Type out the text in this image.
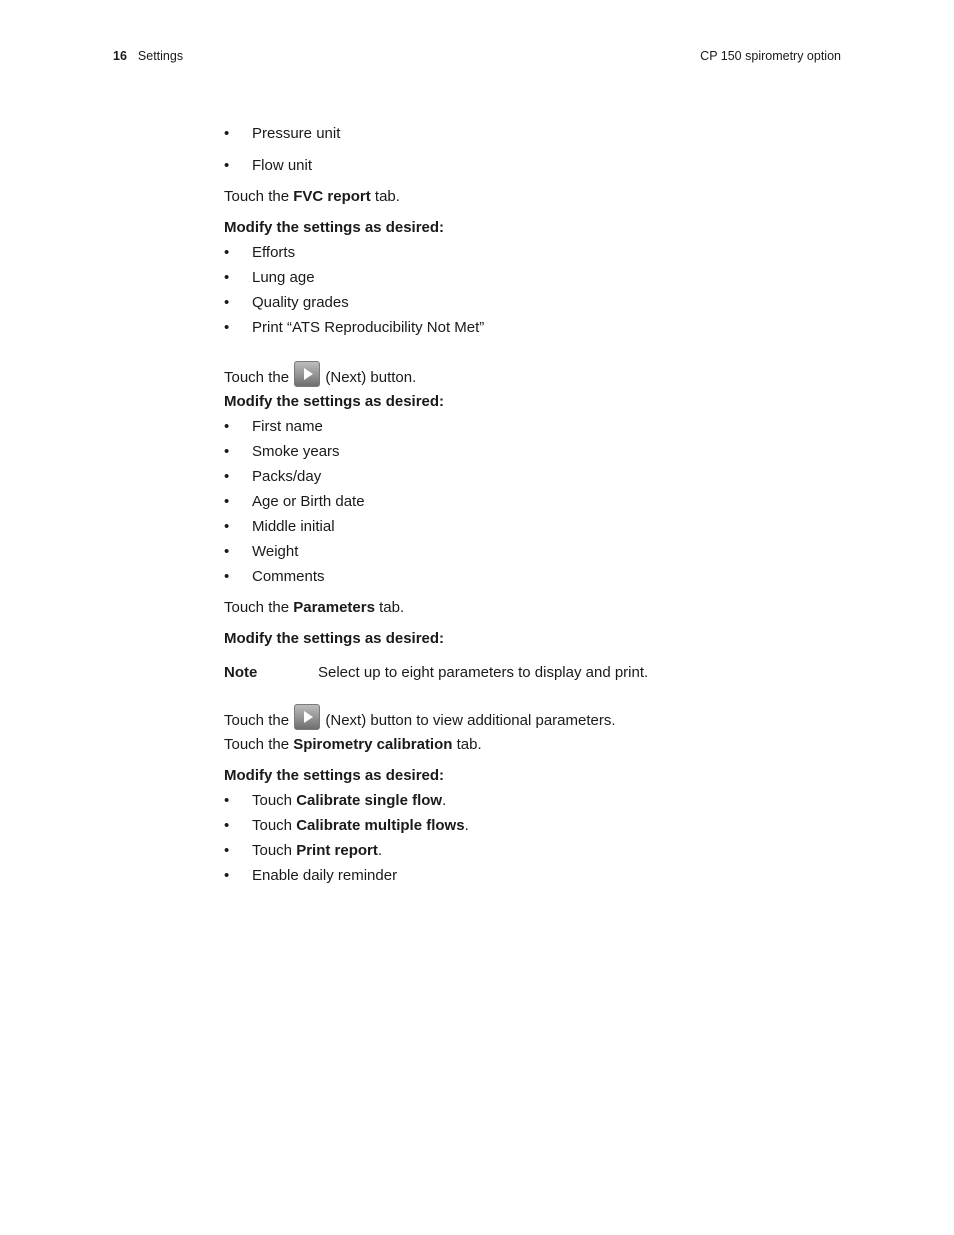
16 Settings	CP 150 spirometry option
• Pressure unit
• Flow unit
Touch the FVC report tab.
Modify the settings as desired:
• Efforts
• Lung age
• Quality grades
• Print “ATS Reproducibility Not Met”
Touch the  (Next) button.
Modify the settings as desired:
• First name
• Smoke years
• Packs/day
• Age or Birth date
• Middle initial
• Weight
• Comments
Touch the Parameters tab.
Modify the settings as desired:
Note	Select up to eight parameters to display and print.
Touch the  (Next) button to view additional parameters.
Touch the Spirometry calibration tab.
Modify the settings as desired:
• Touch Calibrate single flow.
• Touch Calibrate multiple flows.
• Touch Print report.
• Enable daily reminder
